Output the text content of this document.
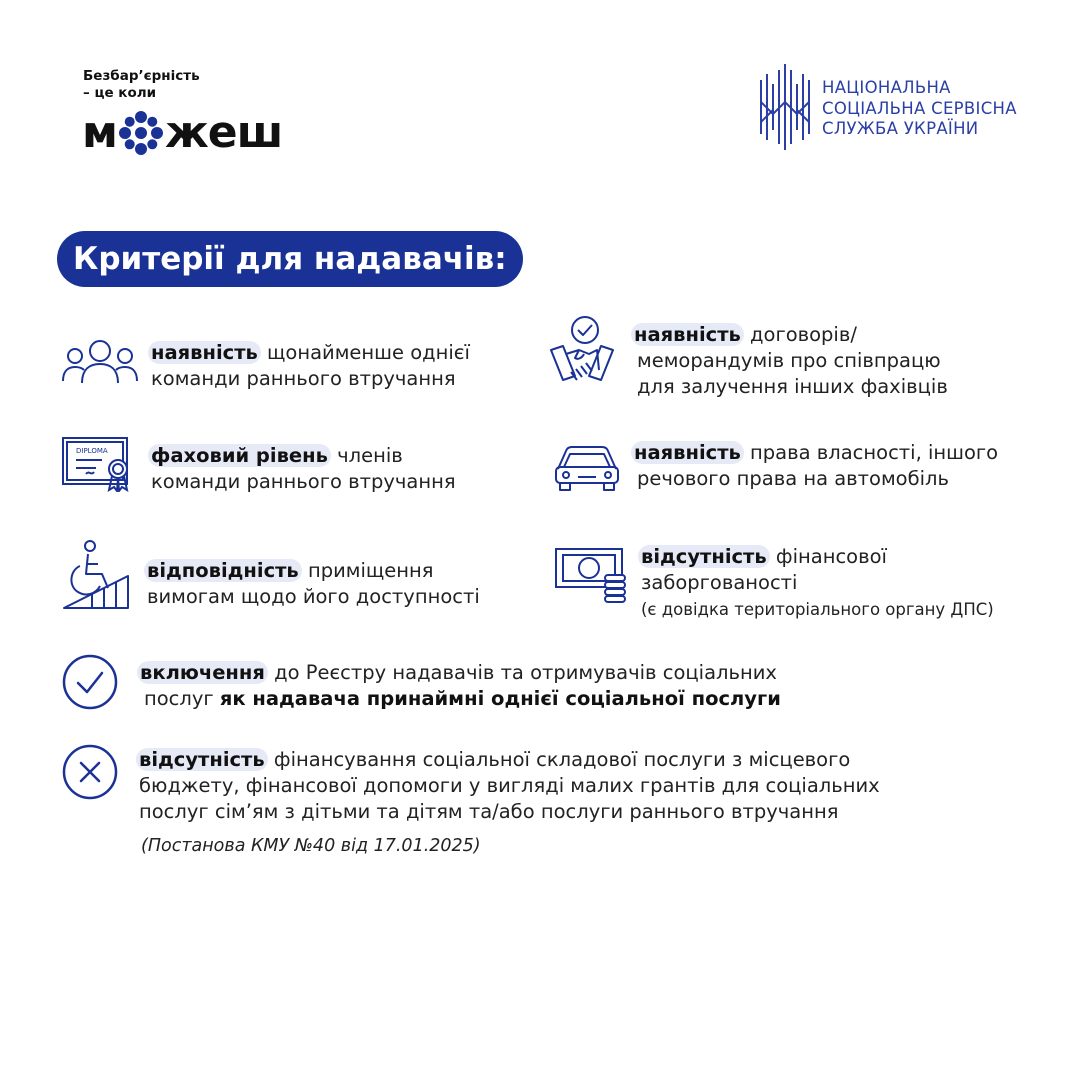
Безбар’єрність
– це коли
м жеш
НАЦІОНАЛЬНА
СОЦІАЛЬНА СЕРВІСНА
СЛУЖБА УКРАЇНИ
Критерії для надавачів:
наявність щонайменше однієї
команди раннього втручання
наявність договорів/
меморандумів про співпрацю
для залучення інших фахівців
DIPLOMA фаховий рівень членів
команди раннього втручання
наявність права власності, іншого
речового права на автомобіль
відповідність приміщення
вимогам щодо його доступності
відсутність фінансової
заборгованості
(є довідка територіального органу ДПС)
включення до Реєстру надавачів та отримувачів соціальних
послуг як надавача принаймні однієї соціальної послуги
відсутність фінансування соціальної складової послуги з місцевого
бюджету, фінансової допомоги у вигляді малих грантів для соціальних
послуг сім’ям з дітьми та дітям та/або послуги раннього втручання
(Постанова КМУ №40 від 17.01.2025)
